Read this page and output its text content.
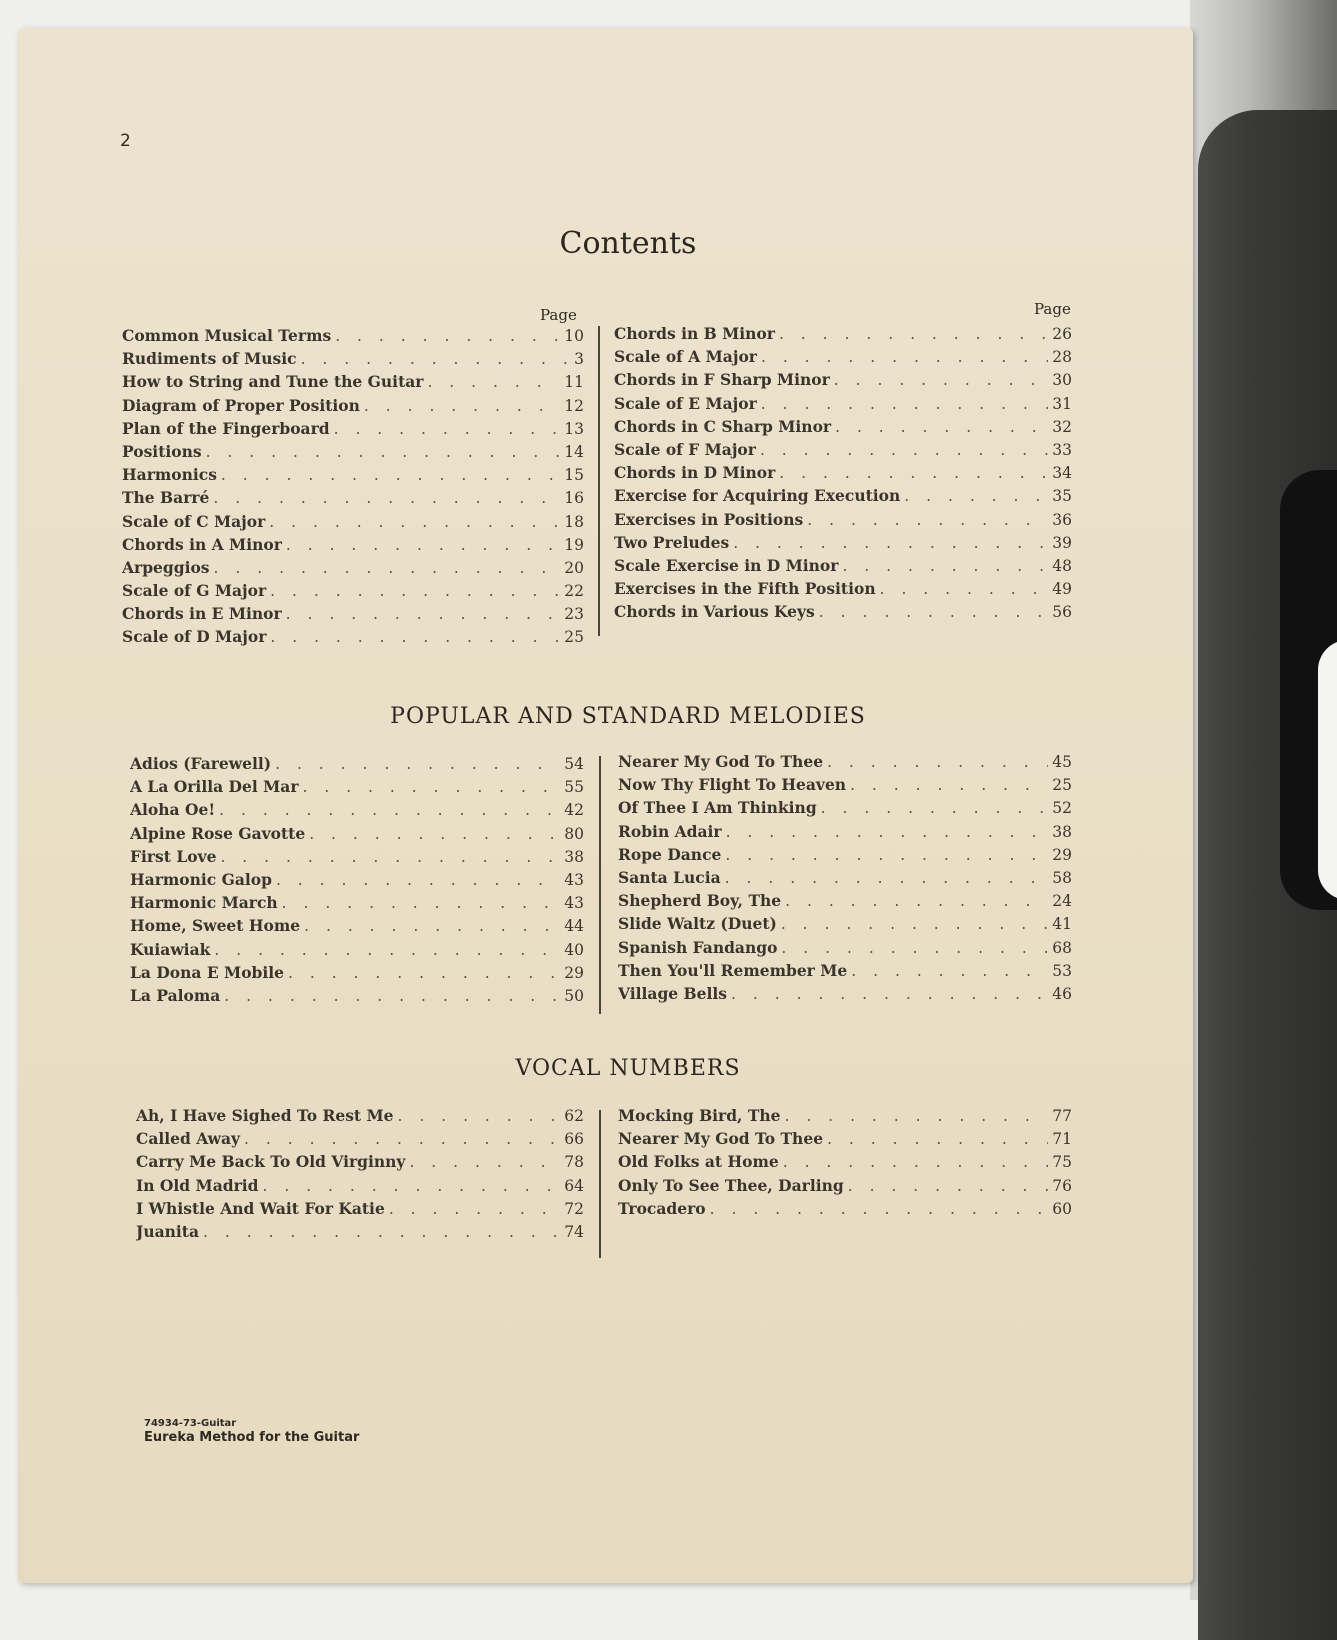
2
Contents
Page	Page
Common Musical Terms . . .	10
Rudiments of Music . . .	3
How to String and Tune the Guitar . . .	11
Diagram of Proper Position . . .	12
Plan of the Fingerboard . . .	13
Positions . . .	14
Harmonics . . .	15
The Barré . . .	16
Scale of C Major . . .	18
Chords in A Minor . . .	19
Arpeggios . . .	20
Scale of G Major . . .	22
Chords in E Minor . . .	23
Scale of D Major . . .	25
Chords in B Minor . . .	26
Scale of A Major . . .	28
Chords in F Sharp Minor . . .	30
Scale of E Major . . .	31
Chords in C Sharp Minor . . .	32
Scale of F Major . . .	33
Chords in D Minor . . .	34
Exercise for Acquiring Execution . . .	35
Exercises in Positions . . .	36
Two Preludes . . .	39
Scale Exercise in D Minor . . .	48
Exercises in the Fifth Position . . .	49
Chords in Various Keys . . .	56
POPULAR AND STANDARD MELODIES
Adios (Farewell) . . .	54
A La Orilla Del Mar . . .	55
Aloha Oe! . . .	42
Alpine Rose Gavotte . . .	80
First Love . . .	38
Harmonic Galop . . .	43
Harmonic March . . .	43
Home, Sweet Home . . .	44
Kuiawiak . . .	40
La Dona E Mobile . . .	29
La Paloma . . .	50
Nearer My God To Thee . . .	45
Now Thy Flight To Heaven . . .	25
Of Thee I Am Thinking . . .	52
Robin Adair . . .	38
Rope Dance . . .	29
Santa Lucia . . .	58
Shepherd Boy, The . . .	24
Slide Waltz (Duet) . . .	41
Spanish Fandango . . .	68
Then You'll Remember Me . . .	53
Village Bells . . .	46
VOCAL NUMBERS
Ah, I Have Sighed To Rest Me . . .	62
Called Away . . .	66
Carry Me Back To Old Virginny . . .	78
In Old Madrid . . .	64
I Whistle And Wait For Katie . . .	72
Juanita . . .	74
Mocking Bird, The . . .	77
Nearer My God To Thee . . .	71
Old Folks at Home . . .	75
Only To See Thee, Darling . . .	76
Trocadero . . .	60
74934-73-Guitar
Eureka Method for the Guitar
